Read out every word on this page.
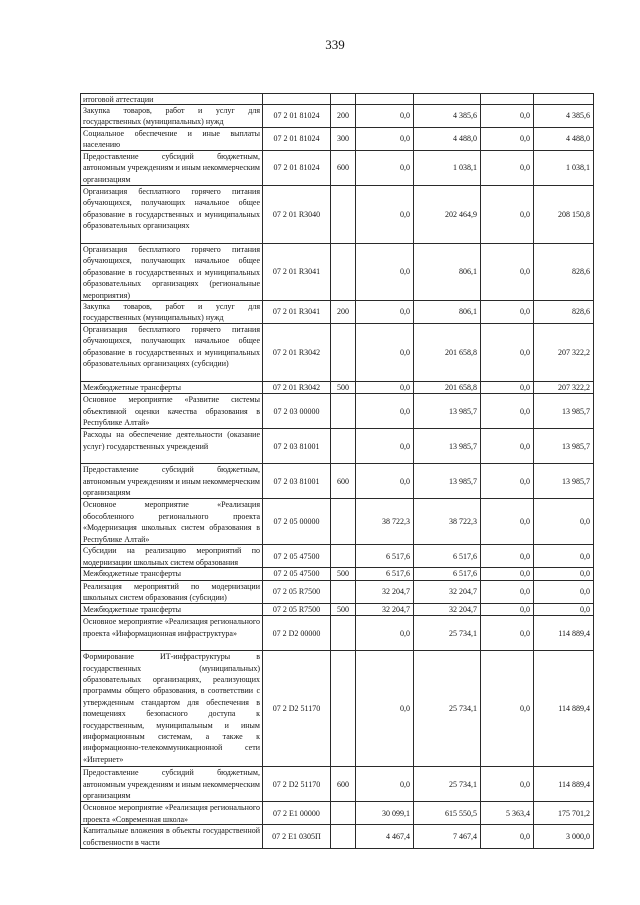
339
итоговой аттестации						

Закупка товаров, работ и услуг для государственных (муниципальных) нужд	07 2 01 81024	200	0,0	4 385,6	0,0	4 385,6

Социальное обеспечение и иные выплаты населению	07 2 01 81024	300	0,0	4 488,0	0,0	4 488,0

Предоставление субсидий бюджетным, автономным учреждениям и иным некоммерческим организациям	07 2 01 81024	600	0,0	1 038,1	0,0	1 038,1

Организация бесплатного горячего питания обучающихся, получающих начальное общее образование в государственных и муниципальных образовательных организациях	07 2 01 R3040		0,0	202 464,9	0,0	208 150,8

Организация бесплатного горячего питания обучающихся, получающих начальное общее образование в государственных и муниципальных образовательных организациях (региональные мероприятия)	07 2 01 R3041		0,0	806,1	0,0	828,6

Закупка товаров, работ и услуг для государственных (муниципальных) нужд	07 2 01 R3041	200	0,0	806,1	0,0	828,6

Организация бесплатного горячего питания обучающихся, получающих начальное общее образование в государственных и муниципальных образовательных организациях (субсидии)	07 2 01 R3042		0,0	201 658,8	0,0	207 322,2

Межбюджетные трансферты	07 2 01 R3042	500	0,0	201 658,8	0,0	207 322,2

Основное мероприятие «Развитие системы объективной оценки качества образования в Республике Алтай»	07 2 03 00000		0,0	13 985,7	0,0	13 985,7

Расходы на обеспечение деятельности (оказание услуг) государственных учреждений	07 2 03 81001		0,0	13 985,7	0,0	13 985,7

Предоставление субсидий бюджетным, автономным учреждениям и иным некоммерческим организациям	07 2 03 81001	600	0,0	13 985,7	0,0	13 985,7

Основное мероприятие «Реализация обособленного регионального проекта «Модернизация школьных систем образования в Республике Алтай»	07 2 05 00000		38 722,3	38 722,3	0,0	0,0

Субсидии на реализацию мероприятий по модернизации школьных систем образования	07 2 05 47500		6 517,6	6 517,6	0,0	0,0

Межбюджетные трансферты	07 2 05 47500	500	6 517,6	6 517,6	0,0	0,0

Реализация мероприятий по модернизации школьных систем образования (субсидии)	07 2 05 R7500		32 204,7	32 204,7	0,0	0,0

Межбюджетные трансферты	07 2 05 R7500	500	32 204,7	32 204,7	0,0	0,0

Основное мероприятие «Реализация регионального проекта «Информационная инфраструктура»	07 2 D2 00000		0,0	25 734,1	0,0	114 889,4

Формирование ИТ-инфраструктуры в государственных (муниципальных) образовательных организациях, реализующих программы общего образования, в соответствии с утвержденным стандартом для обеспечения в помещениях безопасного доступа к государственным, муниципальным и иным информационным системам, а также к информационно-телекоммуникационной сети «Интернет»	07 2 D2 51170		0,0	25 734,1	0,0	114 889,4

Предоставление субсидий бюджетным, автономным учреждениям и иным некоммерческим организациям	07 2 D2 51170	600	0,0	25 734,1	0,0	114 889,4

Основное мероприятие «Реализация регионального проекта «Современная школа»	07 2 E1 00000		30 099,1	615 550,5	5 363,4	175 701,2

Капитальные вложения в объекты государственной собственности в части	07 2 E1 0305П		4 467,4	7 467,4	0,0	3 000,0
